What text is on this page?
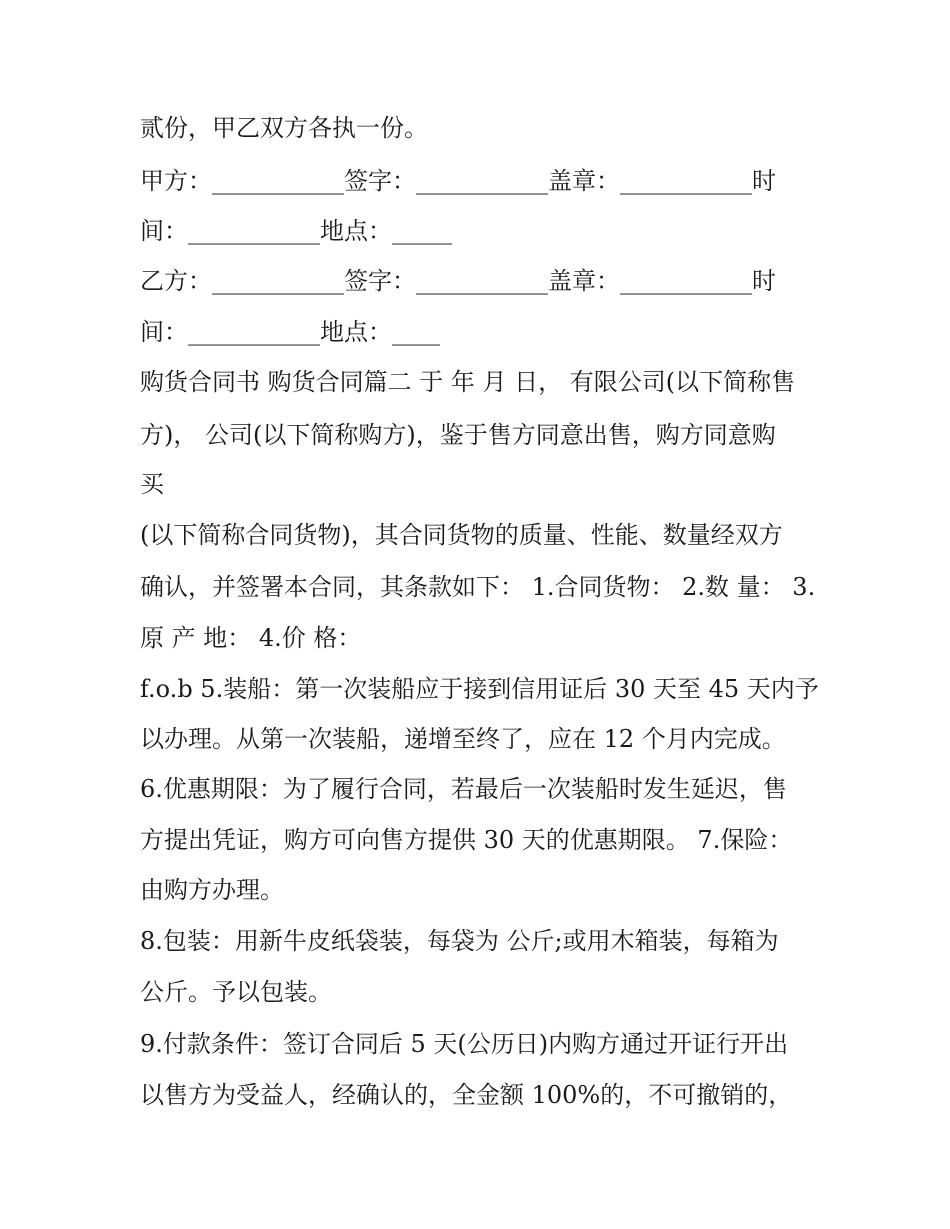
贰份，甲乙双方各执一份。
甲方：___________签字：___________盖章：___________时
间：___________地点：_____
乙方：___________签字：___________盖章：___________时
间：___________地点：____
购货合同书 购货合同篇二 于 年 月 日， 有限公司(以下简称售
方)， 公司(以下简称购方)，鉴于售方同意出售，购方同意购
买
(以下简称合同货物)，其合同货物的质量、性能、数量经双方
确认，并签署本合同，其条款如下： 1.合同货物： 2.数 量： 3.
原 产 地： 4.价 格：
f.o.b 5.装船：第一次装船应于接到信用证后 30 天至 45 天内予
以办理。从第一次装船，递增至终了，应在 12 个月内完成。
6.优惠期限：为了履行合同，若最后一次装船时发生延迟，售
方提出凭证，购方可向售方提供 30 天的优惠期限。 7.保险：
由购方办理。
8.包装：用新牛皮纸袋装，每袋为 公斤;或用木箱装，每箱为
公斤。予以包装。
9.付款条件：签订合同后 5 天(公历日)内购方通过开证行开出
以售方为受益人，经确认的，全金额 100%的，不可撤销的，
